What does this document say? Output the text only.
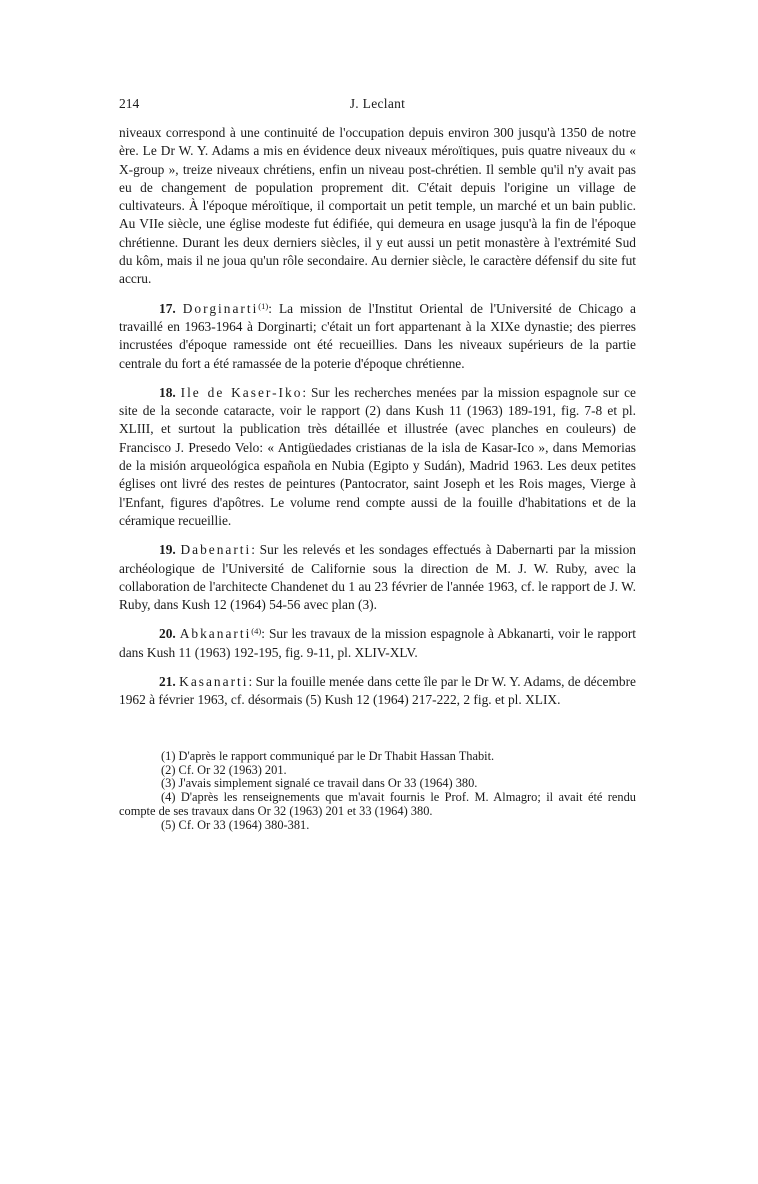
214	J. Leclant

niveaux correspond à une continuité de l'occupation depuis environ 300 jusqu'à 1350 de notre ère. Le Dr W. Y. Adams a mis en évidence deux niveaux méroïtiques, puis quatre niveaux du « X-group », treize niveaux chrétiens, enfin un niveau post-chrétien. Il semble qu'il n'y avait pas eu de changement de population proprement dit. C'était depuis l'origine un village de cultivateurs. À l'époque méroïtique, il comportait un petit temple, un marché et un bain public. Au VIIe siècle, une église modeste fut édifiée, qui demeura en usage jusqu'à la fin de l'époque chrétienne. Durant les deux derniers siècles, il y eut aussi un petit monastère à l'extrémité Sud du kôm, mais il ne joua qu'un rôle secondaire. Au dernier siècle, le caractère défensif du site fut accru.

17. Dorginarti$^{(1)}$: La mission de l'Institut Oriental de l'Université de Chicago a travaillé en 1963-1964 à Dorginarti; c'était un fort appartenant à la XIXe dynastie; des pierres incrustées d'époque ramesside ont été recueillies. Dans les niveaux supérieurs de la partie centrale du fort a été ramassée de la poterie d'époque chrétienne.

18. Ile de Kaser-Iko: Sur les recherches menées par la mission espagnole sur ce site de la seconde cataracte, voir le rapport (2) dans Kush 11 (1963) 189-191, fig. 7-8 et pl. XLIII, et surtout la publication très détaillée et illustrée (avec planches en couleurs) de Francisco J. Presedo Velo: « Antigüedades cristianas de la isla de Kasar-Ico », dans Memorias de la misión arqueológica española en Nubia (Egipto y Sudán), Madrid 1963. Les deux petites églises ont livré des restes de peintures (Pantocrator, saint Joseph et les Rois mages, Vierge à l'Enfant, figures d'apôtres. Le volume rend compte aussi de la fouille d'habitations et de la céramique recueillie.

19. Dabenarti: Sur les relevés et les sondages effectués à Dabernarti par la mission archéologique de l'Université de Californie sous la direction de M. J. W. Ruby, avec la collaboration de l'architecte Chandenet du 1 au 23 février de l'année 1963, cf. le rapport de J. W. Ruby, dans Kush 12 (1964) 54-56 avec plan (3).

20. Abkanarti$^{(4)}$: Sur les travaux de la mission espagnole à Abkanarti, voir le rapport dans Kush 11 (1963) 192-195, fig. 9-11, pl. XLIV-XLV.

21. Kasanarti: Sur la fouille menée dans cette île par le Dr W. Y. Adams, de décembre 1962 à février 1963, cf. désormais (5) Kush 12 (1964) 217-222, 2 fig. et pl. XLIX.

(1) D'après le rapport communiqué par le Dr Thabit Hassan Thabit.

(2) Cf. Or 32 (1963) 201.

(3) J'avais simplement signalé ce travail dans Or 33 (1964) 380.

(4) D'après les renseignements que m'avait fournis le Prof. M. Almagro; il avait été rendu compte de ses travaux dans Or 32 (1963) 201 et 33 (1964) 380.

(5) Cf. Or 33 (1964) 380-381.
